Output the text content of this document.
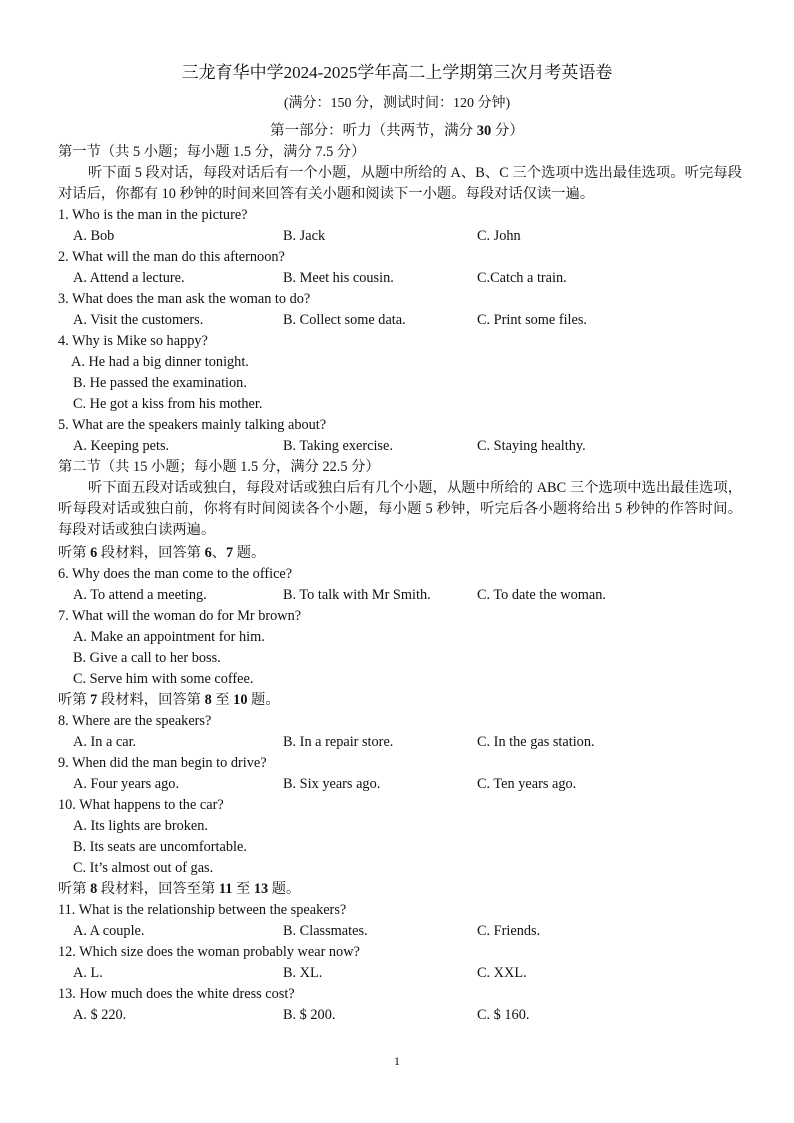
三龙育华中学2024-2025学年高二上学期第三次月考英语卷
(满分：150 分，测试时间：120 分钟)
第一部分：听力（共两节，满分 30 分）
第一节（共 5 小题；每小题 1.5 分，满分 7.5 分）
听下面 5 段对话，每段对话后有一个小题，从题中所给的 A、B、C 三个选项中选出最佳选项。听完每段对话后，你都有 10 秒钟的时间来回答有关小题和阅读下一小题。每段对话仅读一遍。
1. Who is the man in the picture?
A. Bob	B. Jack	C. John
2. What will the man do this afternoon?
A. Attend a lecture.	B. Meet his cousin.	C.Catch a train.
3. What does the man ask the woman to do?
A. Visit the customers.	B. Collect some data.	C. Print some files.
4. Why is Mike so happy?
A. He had a big dinner tonight.
B. He passed the examination.
C. He got a kiss from his mother.
5. What are the speakers mainly talking about?
A. Keeping pets.	B. Taking exercise.	C. Staying healthy.
第二节（共 15 小题；每小题 1.5 分，满分 22.5 分）
听下面五段对话或独白，每段对话或独白后有几个小题，从题中所给的 ABC 三个选项中选出最佳选项，听每段对话或独白前，你将有时间阅读各个小题，每小题 5 秒钟，听完后各小题将给出 5 秒钟的作答时间。每段对话或独白读两遍。
听第 6 段材料，回答第 6、7 题。
6. Why does the man come to the office?
A. To attend a meeting.	B. To talk with Mr Smith.	C. To date the woman.
7. What will the woman do for Mr brown?
A. Make an appointment for him.
B. Give a call to her boss.
C. Serve him with some coffee.
听第 7 段材料，回答第 8 至 10 题。
8. Where are the speakers?
A. In a car.	B. In a repair store.	C. In the gas station.
9. When did the man begin to drive?
A. Four years ago.	B. Six years ago.	C. Ten years ago.
10. What happens to the car?
A. Its lights are broken.
B. Its seats are uncomfortable.
C. It’s almost out of gas.
听第 8 段材料，回答至第 11 至 13 题。
11. What is the relationship between the speakers?
A. A couple.	B. Classmates.	C. Friends.
12. Which size does the woman probably wear now?
A. L.	B. XL.	C. XXL.
13. How much does the white dress cost?
A. $ 220.	B. $ 200.	C. $ 160.
1
